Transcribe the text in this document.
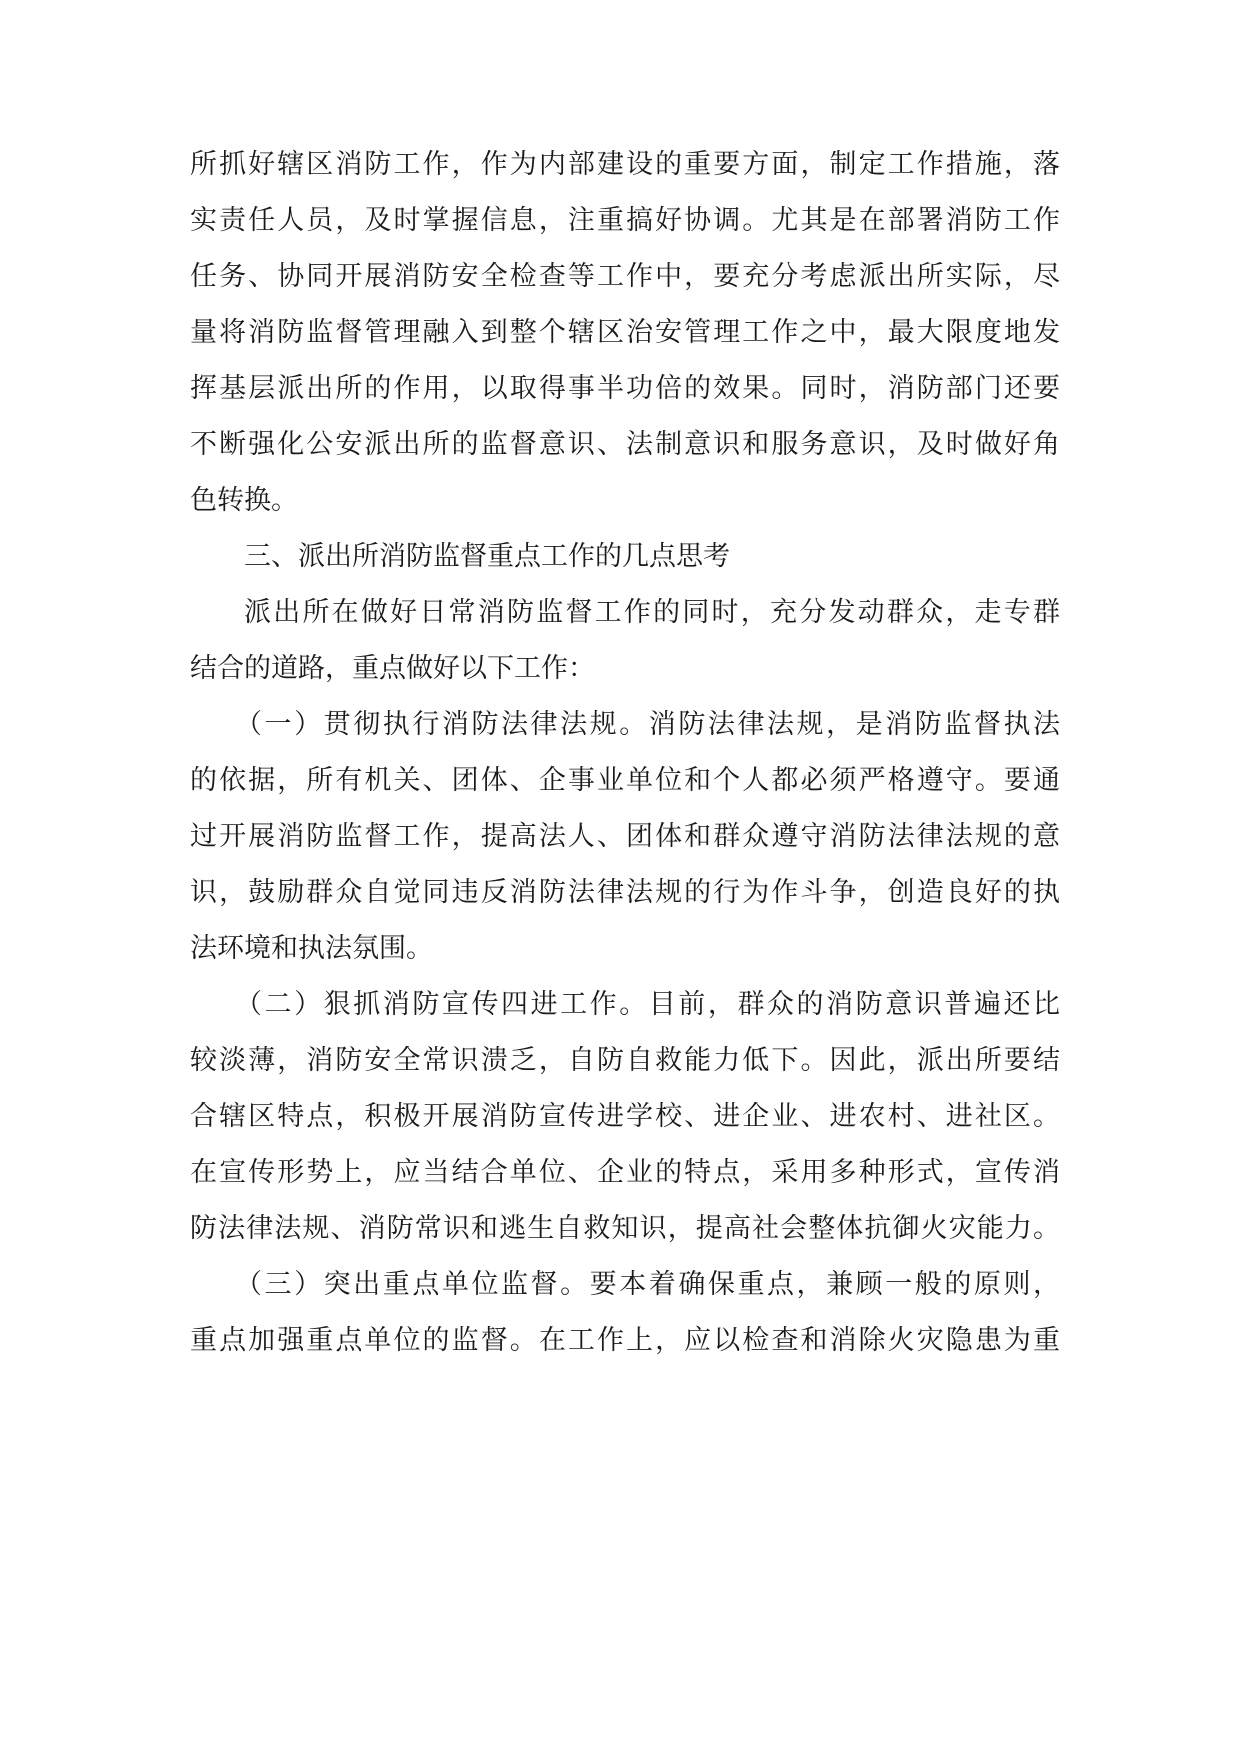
所抓好辖区消防工作，作为内部建设的重要方面，制定工作措施，落
实责任人员，及时掌握信息，注重搞好协调。尤其是在部署消防工作
任务、协同开展消防安全检查等工作中，要充分考虑派出所实际，尽
量将消防监督管理融入到整个辖区治安管理工作之中，最大限度地发
挥基层派出所的作用，以取得事半功倍的效果。同时，消防部门还要
不断强化公安派出所的监督意识、法制意识和服务意识，及时做好角
色转换。
三、派出所消防监督重点工作的几点思考
派出所在做好日常消防监督工作的同时，充分发动群众，走专群
结合的道路，重点做好以下工作：
（一）贯彻执行消防法律法规。消防法律法规，是消防监督执法
的依据，所有机关、团体、企事业单位和个人都必须严格遵守。要通
过开展消防监督工作，提高法人、团体和群众遵守消防法律法规的意
识，鼓励群众自觉同违反消防法律法规的行为作斗争，创造良好的执
法环境和执法氛围。
（二）狠抓消防宣传四进工作。目前，群众的消防意识普遍还比
较淡薄，消防安全常识溃乏，自防自救能力低下。因此，派出所要结
合辖区特点，积极开展消防宣传进学校、进企业、进农村、进社区。
在宣传形势上，应当结合单位、企业的特点，采用多种形式，宣传消
防法律法规、消防常识和逃生自救知识，提高社会整体抗御火灾能力。
（三）突出重点单位监督。要本着确保重点，兼顾一般的原则，
重点加强重点单位的监督。在工作上，应以检查和消除火灾隐患为重
